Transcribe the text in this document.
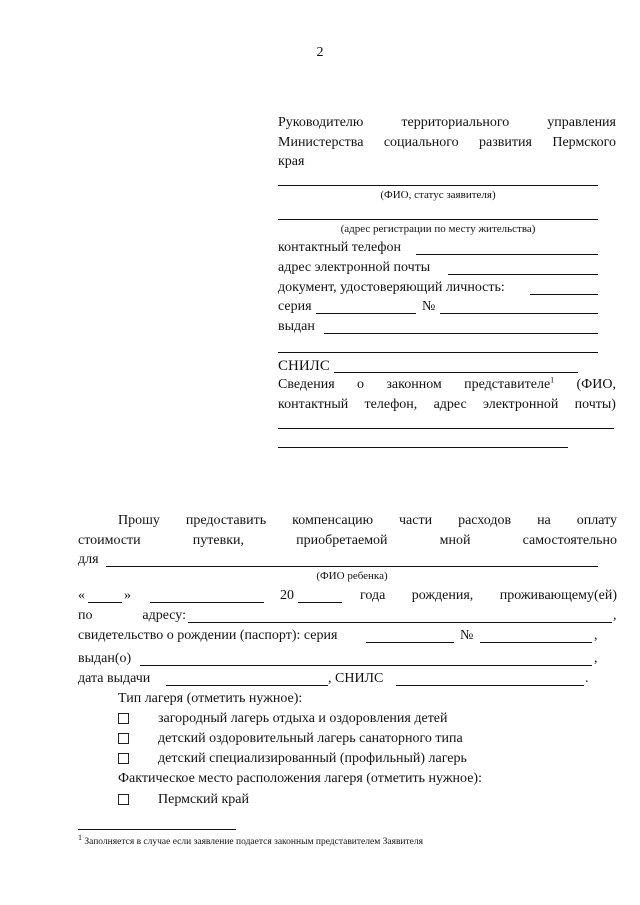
2
Руководителю	территориального	управления
Министерства социального развития Пермского
края
(ФИО, статус заявителя)
(адрес регистрации по месту жительства)
контактный телефон
адрес электронной почты
документ, удостоверяющий личность:
серия	№
выдан
СНИЛС
Сведения о законном представителе$^1$ (ФИО,
контактный телефон, адрес электронной почты)
Прошу предоставить компенсацию части расходов на оплату
стоимости	путевки,	приобретаемой	мной	самостоятельно
для
(ФИО ребенка)
«	»	20	года рождения, проживающему(ей)
по	адресу:	,
свидетельство о рождении (паспорт): серия	№	,
выдан(о)	,
дата выдачи	, СНИЛС	.
Тип лагеря (отметить нужное):
загородный лагерь отдыха и оздоровления детей
детский оздоровительный лагерь санаторного типа
детский специализированный (профильный) лагерь
Фактическое место расположения лагеря (отметить нужное):
Пермский край
$^1$ Заполняется в случае если заявление подается законным представителем Заявителя
